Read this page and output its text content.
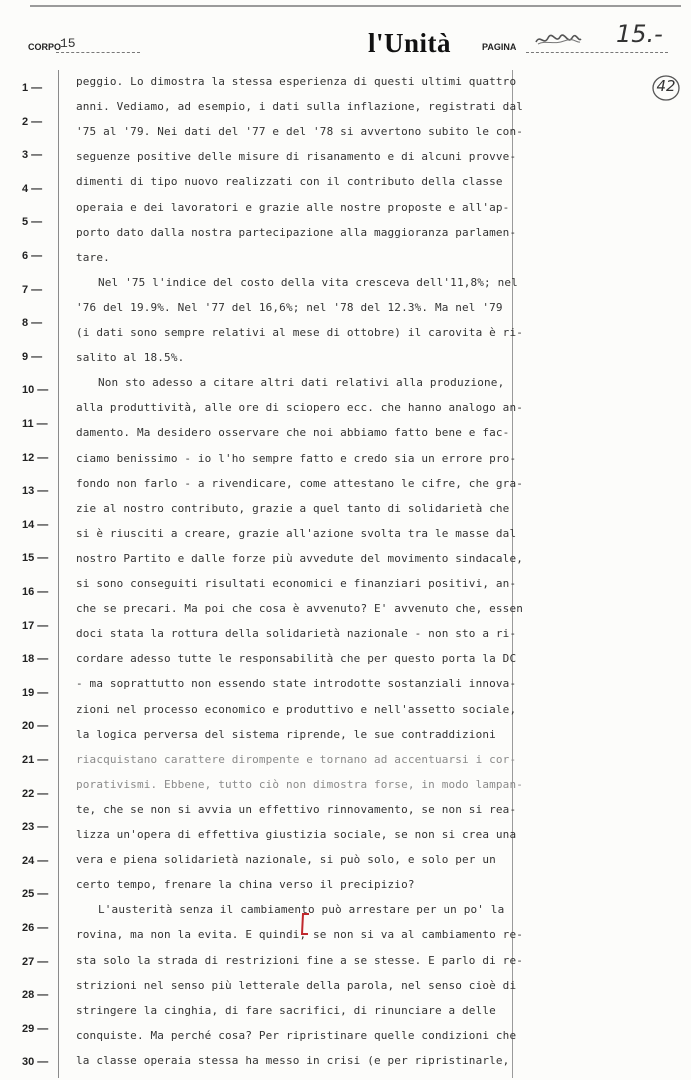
CORPO
15	l'Unità	PAGINA	15.-
42
1 —
2 —
3 —
4 —
5 —
6 —
7 —
8 —
9 —
10 —
11 —
12 —
13 —
14 —
15 —
16 —
17 —
18 —
19 —
20 —
21 —
22 —
23 —
24 —
25 —
26 —
27 —
28 —
29 —
30 —
peggio. Lo dimostra la stessa esperienza di questi ultimi quattro
anni. Vediamo, ad esempio, i dati sulla inflazione, registrati dal
'75 al '79. Nei dati del '77 e del '78 si avvertono subito le con-
seguenze positive delle misure di risanamento e di alcuni provve-
dimenti di tipo nuovo realizzati con il contributo della classe
operaia e dei lavoratori e grazie alle nostre proposte e all'ap-
porto dato dalla nostra partecipazione alla maggioranza parlamen-
tare.
Nel '75 l'indice del costo della vita cresceva dell'11,8%; nel
'76 del 19.9%. Nel '77 del 16,6%; nel '78 del 12.3%. Ma nel '79
(i dati sono sempre relativi al mese di ottobre) il carovita è ri-
salito al 18.5%.
Non sto adesso a citare altri dati relativi alla produzione,
alla produttività, alle ore di sciopero ecc. che hanno analogo an-
damento. Ma desidero osservare che noi abbiamo fatto bene e fac-
ciamo benissimo - io l'ho sempre fatto e credo sia un errore pro-
fondo non farlo - a rivendicare, come attestano le cifre, che gra-
zie al nostro contributo, grazie a quel tanto di solidarietà che
si è riusciti a creare, grazie all'azione svolta tra le masse dal
nostro Partito e dalle forze più avvedute del movimento sindacale,
si sono conseguiti risultati economici e finanziari positivi, an-
che se precari. Ma poi che cosa è avvenuto? E' avvenuto che, essen
doci stata la rottura della solidarietà nazionale - non sto a ri-
cordare adesso tutte le responsabilità che per questo porta la DC
- ma soprattutto non essendo state introdotte sostanziali innova-
zioni nel processo economico e produttivo e nell'assetto sociale,
la logica perversa del sistema riprende, le sue contraddizioni
riacquistano carattere dirompente e tornano ad accentuarsi i cor-
porativismi. Ebbene, tutto ciò non dimostra forse, in modo lampan-
te, che se non si avvia un effettivo rinnovamento, se non si rea-
lizza un'opera di effettiva giustizia sociale, se non si crea una
vera e piena solidarietà nazionale, si può solo, e solo per un
certo tempo, frenare la china verso il precipizio?
L'austerità senza il cambiamento può arrestare per un po' la
rovina, ma non la evita. E quindi, se non si va al cambiamento re-
sta solo la strada di restrizioni fine a se stesse. E parlo di re-
strizioni nel senso più letterale della parola, nel senso cioè di
stringere la cinghia, di fare sacrifici, di rinunciare a delle
conquiste. Ma perché cosa? Per ripristinare quelle condizioni che
la classe operaia stessa ha messo in crisi (e per ripristinarle,
